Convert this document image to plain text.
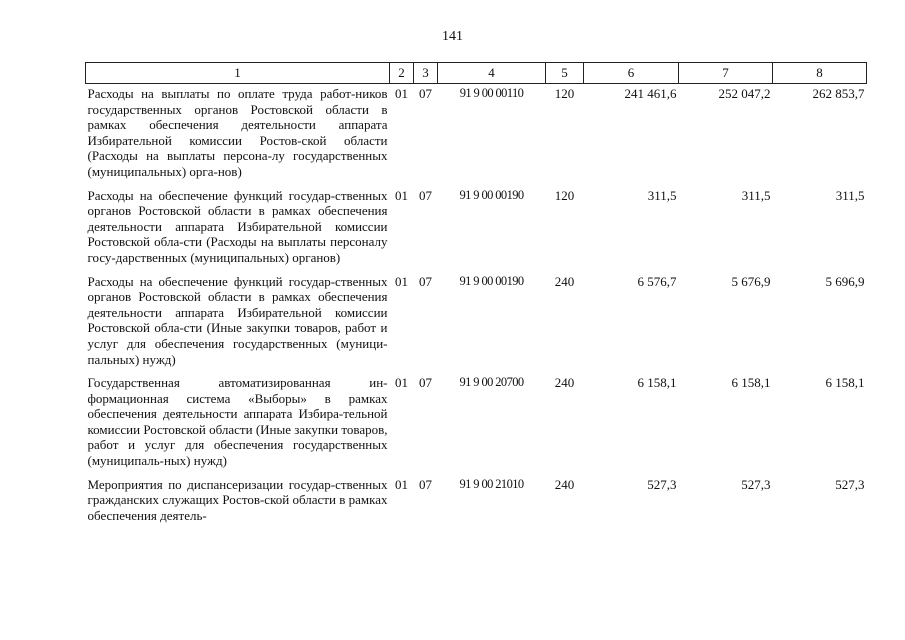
141
1	2	3	4	5	6	7	8
Расходы на выплаты по оплате труда работ-ников государственных органов Ростовской области в рамках обеспечения деятельности аппарата Избирательной комиссии Ростов-ской области (Расходы на выплаты персона-лу государственных (муниципальных) орга-нов)	01	07	91 9 00 00110	120	241 461,6	252 047,2	262 853,7
Расходы на обеспечение функций государ-ственных органов Ростовской области в рамках обеспечения деятельности аппарата Избирательной комиссии Ростовской обла-сти (Расходы на выплаты персоналу госу-дарственных (муниципальных) органов)	01	07	91 9 00 00190	120	311,5	311,5	311,5
Расходы на обеспечение функций государ-ственных органов Ростовской области в рамках обеспечения деятельности аппарата Избирательной комиссии Ростовской обла-сти (Иные закупки товаров, работ и услуг для обеспечения государственных (муници-пальных) нужд)	01	07	91 9 00 00190	240	6 576,7	5 676,9	5 696,9
Государственная автоматизированная ин-формационная система «Выборы» в рамках обеспечения деятельности аппарата Избира-тельной комиссии Ростовской области (Иные закупки товаров, работ и услуг для обеспечения государственных (муниципаль-ных) нужд)	01	07	91 9 00 20700	240	6 158,1	6 158,1	6 158,1
Мероприятия по диспансеризации государ-ственных гражданских служащих Ростов-ской области в рамках обеспечения деятель-	01	07	91 9 00 21010	240	527,3	527,3	527,3
